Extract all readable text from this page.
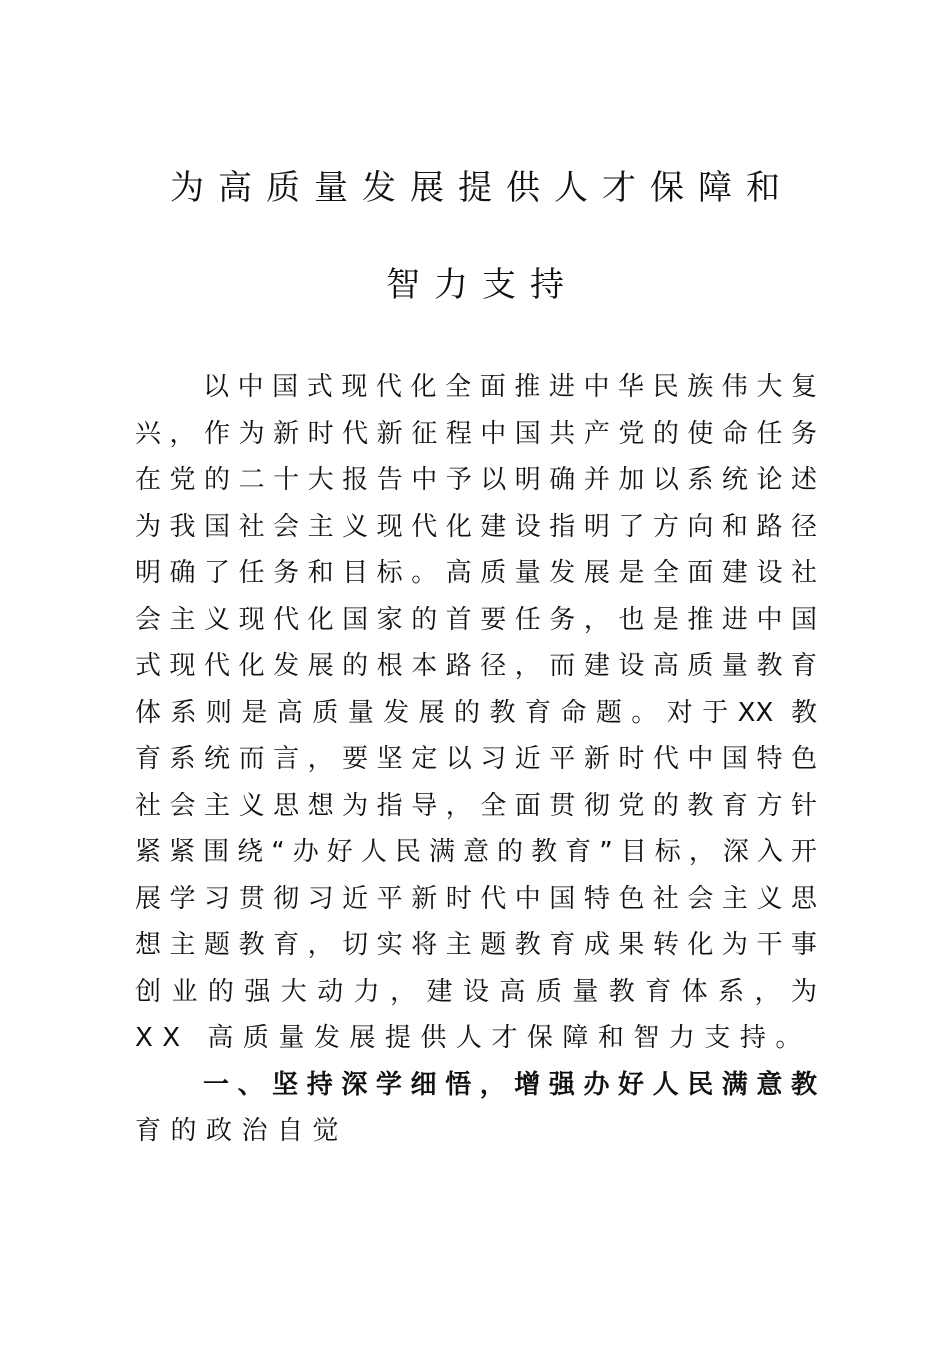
为高质量发展提供人才保障和
智力支持
以中国式现代化全面推进中华民族伟大复
兴，作为新时代新征程中国共产党的使命任务
在党的二十大报告中予以明确并加以系统论述
为我国社会主义现代化建设指明了方向和路径
明确了任务和目标。高质量发展是全面建设社
会主义现代化国家的首要任务，也是推进中国
式现代化发展的根本路径，而建设高质量教育
体系则是高质量发展的教育命题。对于XX 教
育系统而言，要坚定以习近平新时代中国特色
社会主义思想为指导，全面贯彻党的教育方针
紧紧围绕“办好人民满意的教育”目标，深入开
展学习贯彻习近平新时代中国特色社会主义思
想主题教育，切实将主题教育成果转化为干事
创业的强大动力，建设高质量教育体系，为
XX 高质量发展提供人才保障和智力支持。
一、坚持深学细悟，增强办好人民满意教
育的政治自觉
